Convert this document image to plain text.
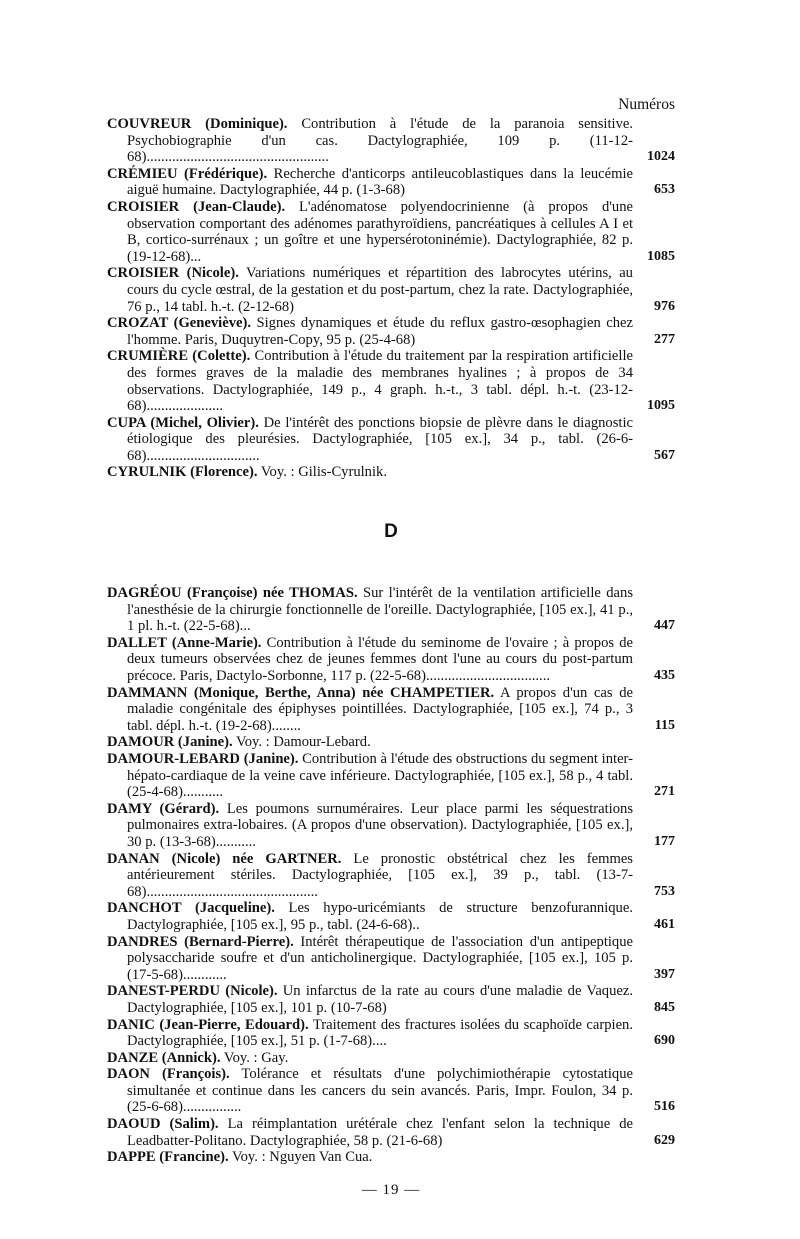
Numéros
COUVREUR (Dominique). Contribution à l'étude de la paranoia sensitive. Psychobiographie d'un cas. Dactylographiée, 109 p. (11-12-68)..................................................	1024
CRÉMIEU (Frédérique). Recherche d'anticorps antileucoblastiques dans la leucémie aiguë humaine. Dactylographiée, 44 p. (1-3-68)	653
CROISIER (Jean-Claude). L'adénomatose polyendocrinienne (à propos d'une observation comportant des adénomes parathyroïdiens, pancréatiques à cellules A I et B, cortico-surrénaux ; un goître et une hypersérotoninémie). Dactylographiée, 82 p. (19-12-68)...	1085
CROISIER (Nicole). Variations numériques et répartition des labrocytes utérins, au cours du cycle œstral, de la gestation et du post-partum, chez la rate. Dactylographiée, 76 p., 14 tabl. h.-t. (2-12-68)	976
CROZAT (Geneviève). Signes dynamiques et étude du reflux gastro-œsophagien chez l'homme. Paris, Duquytren-Copy, 95 p. (25-4-68)	277
CRUMIÈRE (Colette). Contribution à l'étude du traitement par la respiration artificielle des formes graves de la maladie des membranes hyalines ; à propos de 34 observations. Dactylographiée, 149 p., 4 graph. h.-t., 3 tabl. dépl. h.-t. (23-12-68).....................	1095
CUPA (Michel, Olivier). De l'intérêt des ponctions biopsie de plèvre dans le diagnostic étiologique des pleurésies. Dactylographiée, [105 ex.], 34 p., tabl. (26-6-68)...............................	567
CYRULNIK (Florence). Voy. : Gilis-Cyrulnik.
D
DAGRÉOU (Françoise) née THOMAS. Sur l'intérêt de la ventilation artificielle dans l'anesthésie de la chirurgie fonctionnelle de l'oreille. Dactylographiée, [105 ex.], 41 p., 1 pl. h.-t. (22-5-68)...	447
DALLET (Anne-Marie). Contribution à l'étude du seminome de l'ovaire ; à propos de deux tumeurs observées chez de jeunes femmes dont l'une au cours du post-partum précoce. Paris, Dactylo-Sorbonne, 117 p. (22-5-68)..................................	435
DAMMANN (Monique, Berthe, Anna) née CHAMPETIER. A propos d'un cas de maladie congénitale des épiphyses pointillées. Dactylographiée, [105 ex.], 74 p., 3 tabl. dépl. h.-t. (19-2-68)........	115
DAMOUR (Janine). Voy. : Damour-Lebard.
DAMOUR-LEBARD (Janine). Contribution à l'étude des obstructions du segment inter-hépato-cardiaque de la veine cave inférieure. Dactylographiée, [105 ex.], 58 p., 4 tabl. (25-4-68)...........	271
DAMY (Gérard). Les poumons surnuméraires. Leur place parmi les séquestrations pulmonaires extra-lobaires. (A propos d'une observation). Dactylographiée, [105 ex.], 30 p. (13-3-68)...........	177
DANAN (Nicole) née GARTNER. Le pronostic obstétrical chez les femmes antérieurement stériles. Dactylographiée, [105 ex.], 39 p., tabl. (13-7-68)...............................................	753
DANCHOT (Jacqueline). Les hypo-uricémiants de structure benzofurannique. Dactylographiée, [105 ex.], 95 p., tabl. (24-6-68)..	461
DANDRES (Bernard-Pierre). Intérêt thérapeutique de l'association d'un antipeptique polysaccharide soufre et d'un anticholinergique. Dactylographiée, [105 ex.], 105 p. (17-5-68)............	397
DANEST-PERDU (Nicole). Un infarctus de la rate au cours d'une maladie de Vaquez. Dactylographiée, [105 ex.], 101 p. (10-7-68)	845
DANIC (Jean-Pierre, Edouard). Traitement des fractures isolées du scaphoïde carpien. Dactylographiée, [105 ex.], 51 p. (1-7-68)....	690
DANZE (Annick). Voy. : Gay.
DAON (François). Tolérance et résultats d'une polychimiothérapie cytostatique simultanée et continue dans les cancers du sein avancés. Paris, Impr. Foulon, 34 p. (25-6-68)................	516
DAOUD (Salim). La réimplantation urétérale chez l'enfant selon la technique de Leadbatter-Politano. Dactylographiée, 58 p. (21-6-68)	629
DAPPE (Francine). Voy. : Nguyen Van Cua.
— 19 —
